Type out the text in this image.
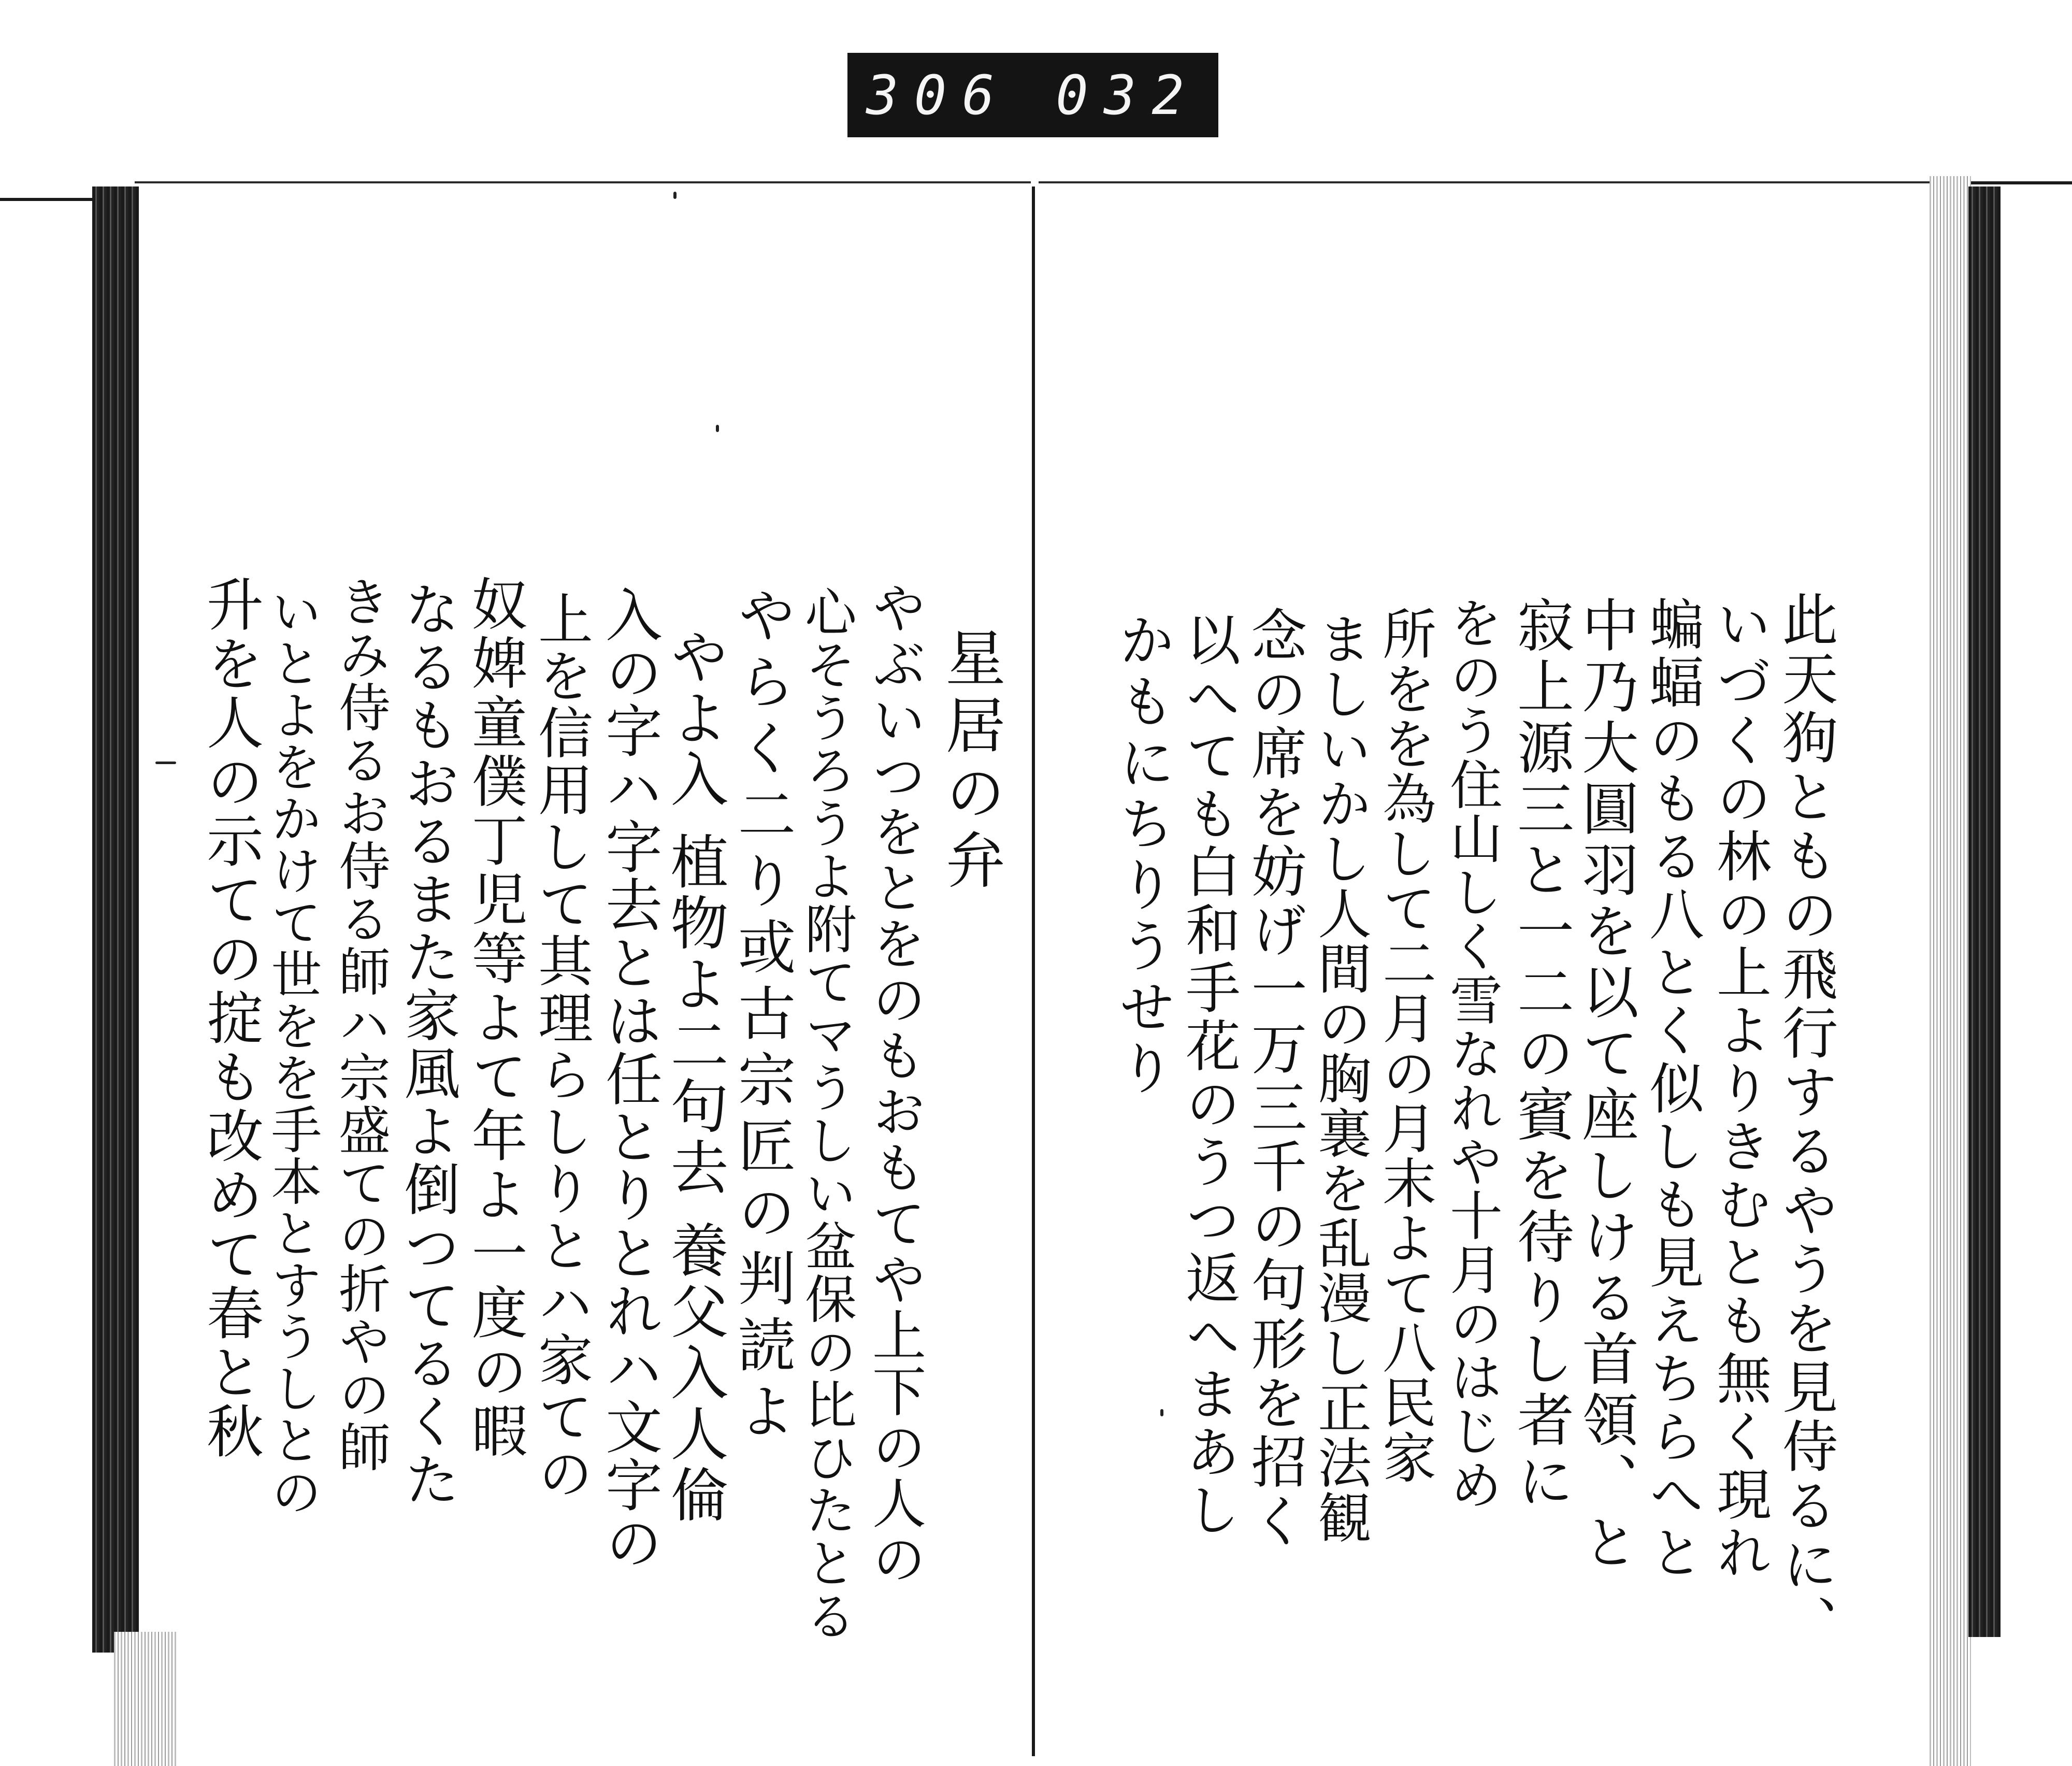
306 032
星居の弁
やぶいつをとをのもおもてや上下の人の
心そうろうよ附てマうしい盆保の比ひたとる
やらく二り或古宗匠の判読よ
やよ入 植物よ二句去 養父入人倫
入の字ハ字去とは任とりとれハ文字の
上を信用して其理らしりとハ家ての
奴婢童僕丁児等よて年よ一度の暇
なるもおるまた家風よ倒つてるくた
きみ侍るお侍る師ハ宗盛ての折やの師
いとよをかけて世をを手本とすうしとの
升を人の示ての掟も改めて春と秋	此天狗ともの飛行するやうを見侍るに、
いづくの林の上よりきむとも無く現れ
蝙蝠のもる八とく似しも見えちらへと
中乃大圓羽を以て座しける首領、と
寂上源三と一二の賓を待りし者に
をのう住山しく雪なれや十月のはじめ
所をを為して二月の月末よて八民家
ましいかし人間の胸裏を乱漫し正法観
念の席を妨げ一万三千の句形を招く
以へても白和手花のうつ返へまあし
かもにちりうせり
